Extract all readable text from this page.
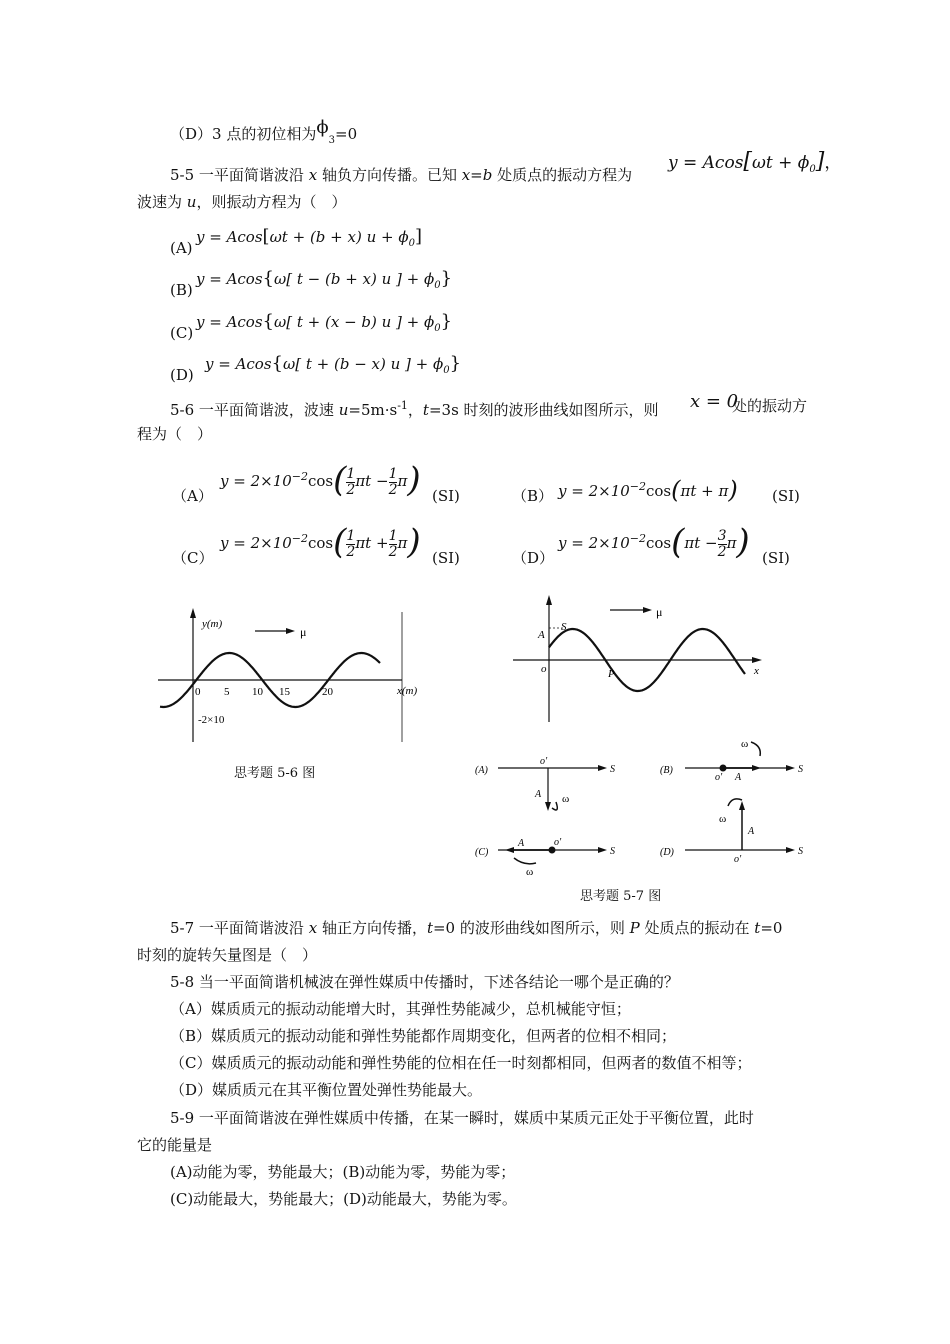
（D）3 点的初位相为$\phi_3=0$
5-5 一平面简谐波沿 x 轴负方向传播。已知 x=b 处质点的振动方程为
$y = Acos[\omega t + \phi_0]$，
波速为 u，则振动方程为（　）
(A)
y = Acos[ωt + (b + x) $u + \phi_0$]
(B)
y = Acos{ω[ t − (b + x) u ] + $\phi_0$}
(C)
y = Acos{ω[ t + (x − b) u ] + $\phi_0$}
(D)
y = Acos{ω[ t + (b − x) u ] + $\phi_0$}
5-6 一平面简谐波，波速 $u=5m\cdot s^{-1}$，t=3s 时刻的波形曲线如图所示，则 x = 0
处的振动方
程为（　）
（A）
$y = 2\times 10^{-2}\cos( \frac{1}{2}$ $\pi t - \frac{1}{2} \pi$) (SI)	（B） $y = 2\times 10^{-2}\cos(\pi t + \pi)$ (SI)
（C）
$y = 2\times 10^{-2}\cos( \frac{1}{2}$ $\pi t + \frac{1}{2} \pi$) (SI)	（D）
$y = 2\times 10^{-2}\cos(\pi t - \frac{3}{2} \pi)$ (SI)
y(m)
μ
0 5 10 15	20	x(m)
-2×10
思考题 5-6 图
A
S
o	P	x
μ
(A)	S
o′
A ω
(B)	S
o′ A
ω
(C)	S
A	o′
ω
(D)	S
A
o′
ω
思考题 5-7 图
5-7 一平面简谐波沿 x 轴正方向传播，t=0 的波形曲线如图所示，则 P 处质点的振动在 t=0
时刻的旋转矢量图是（　）
5-8 当一平面简谐机械波在弹性媒质中传播时，下述各结论一哪个是正确的？
（A）媒质质元的振动动能增大时，其弹性势能减少，总机械能守恒；
（B）媒质质元的振动动能和弹性势能都作周期变化，但两者的位相不相同；
（C）媒质质元的振动动能和弹性势能的位相在任一时刻都相同，但两者的数值不相等；
（D）媒质质元在其平衡位置处弹性势能最大。
5-9 一平面简谐波在弹性媒质中传播，在某一瞬时，媒质中某质元正处于平衡位置，此时
它的能量是
(A)动能为零，势能最大；(B)动能为零，势能为零；
(C)动能最大，势能最大；(D)动能最大，势能为零。
